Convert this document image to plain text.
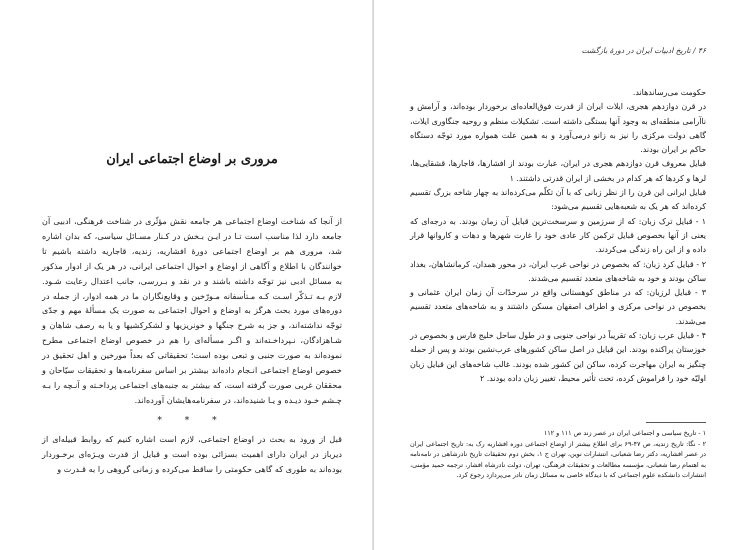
مروری بر اوضاع اجتماعی ایران

از آنجا که شناخت اوضاع اجتماعی هر جامعه نقش مؤثّری در شناخت فرهنگی، ادبیی آن جامعه دارد لذا مناسب است تـا در ایـن بـخش در کـنار مسـائل سیاسی، که بدان اشاره شد، مروری هم بر اوضاع اجتماعی دورهٔ افشاریه، زندیه، قاجاریه داشته باشیم تا خوانندگان با اطلاع و آگاهی از اوضاع و احوال اجتماعی ایرانی، در هر یک از ادوار مذکور به مسائل ادبی نیز توجّه داشته باشند و در نقد و بـررسی، جانب اعتدال رعایت شـود. لازم بـه تـذکّر اسـت کـه مـتأسفانه مـورّخین و وقایع‌نگاران ما در همه ادوار، از جمله در دوره‌های مورد بحث هرگز به اوضاع و احوال اجتماعی به صورت یک مسألهٔ مهم و جدّی توجّه نداشته‌اند، و جز به شرح جنگها و خونریزیها و لشکرکشیها و یا به رصف شاهان و شـاهزادگان، نـپرداخـته‌اند و اگـر مسأله‌ای را هم در خصوص اوضاع اجتماعی مطرح نموده‌اند به صورت جنبی و تبعی بوده است؛ تحقیقاتی که بعداً مورخین و اهل تحقیق در خصوص اوضاع اجتماعی انـجام داده‌اند بیشتر بر اساس سفرنامه‌ها و تحقیقات سیّاحان و محققان غربی صورت گرفته است، که بیشتر به جنبه‌های اجتماعی پرداخـته و آنـچه را بـه چـشم خـود دیـده و یـا شنیده‌اند، در سفرنامه‌هایشان آورده‌اند.

* * *

قبل از ورود به بحث در اوضاع اجتماعی، لازم است اشاره کنیم که روابط قبیله‌ای از دیرباز در ایران دارای اهمیت بسزائی بوده است و قبایل از قدرت ویـژه‌ای برخـوردار بوده‌اند به طوری که گاهی حکومتی را ساقط می‌کرده و زمانی گروهی را به قـدرت و

۴۶ / تاریخ ادبیات ایران در دورهٔ بازگشت

حکومت می‌رساندهاند.

در قرن دوازدهم هجری، ایلات ایران از قدرت فوق‌العاده‌ای برخوردار بوده‌اند، و آرامش و ناآرامی منطقه‌ای به وجود آنها بستگی داشته است. تشکیلات منظم و روحیه جنگاوری ایلات، گاهی دولت مرکزی را نیز به زانو درمی‌آورد و به همین علت همواره مورد توجّه دستگاه حاکم بر ایران بودند.

قبایل معروف قرن دوازدهم هجری در ایران، عبارت بودند از افشارها، قاجارها، قشقایی‌ها، لرها و کردها که هر کدام در بخشی از ایران قدرتی داشتند. ۱

قبایل ایرانی این قرن را از نظر زبانی که با آن تکلّم می‌کرده‌اند به چهار شاخه بزرگ تقسیم کرده‌اند که هر یک به شعبه‌هایی تقسیم می‌شود:

۱ - قبایل ترک زبان: که از سرزمین و سرسخت‌ترین قبایل آن زمان بودند. به درجه‌ای که یعنی از آنها بخصوص قبایل ترکمن کار عادی خود را غارت شهرها و دهات و کاروانها قرار داده و از این راه زندگی می‌کردند.

۲ - قبایل کرد زبان: که بخصوص در نواحی غرب ایران، در محور همدان، کرمانشاهان، بغداد ساکن بودند و خود به شاخه‌های متعدد تقسیم می‌شدند.

۳ - قبایل لرزبان: که در مناطق کوهستانی واقع در سرحدّات آن زمان ایران عثمانی و بخصوص در نواحی مرکزی و اطراف اصفهان مسکن داشتند و به شاخه‌های متعدد تقسیم می‌شدند.

۴ - قبایل عرب زبان: که تقریباً در نواحی جنوبی و در طول ساحل خلیج فارس و بخصوص در خوزستان پراکنده بودند. این قبایل در اصل ساکن کشورهای عرب‌نشین بودند و پس از حمله چنگیز به ایران مهاجرت کرده، ساکن این کشور شده بودند. غالب شاخه‌های این قبایل زبان اولیّه خود را فراموش کرده، تحت تأثیر محیط، تغییر زبان داده بودند. ۲

۱ - تاریخ سیاسی و اجتماعی ایران در عصر زند ص ۱۱۱ و ۱۱۲

۲ - نگا: تاریخ زندیه، ص ۴۷-۶۹ برای اطلاع بیشتر از اوضاع اجتماعی دوره افشاریه رک به: تاریخ اجتماعی ایران در عصر افشاریه، دکتر رضا شعبانی، انتشارات نوین، تهران ج ۱، بخش دوم تحقیقات تاریخ نادرشاهی در نامه‌نامه به اهتمام رضا شعبانی، مؤسسه مطالعات و تحقیقات فرهنگی، تهران، دولت نادرشاه افشار، ترجمه حمید مؤمنی، انتشارات دانشکده علوم اجتماعی که با دیدگاه خاصی به مسائل زمان نادر می‌پردازد رجوع کرد.
